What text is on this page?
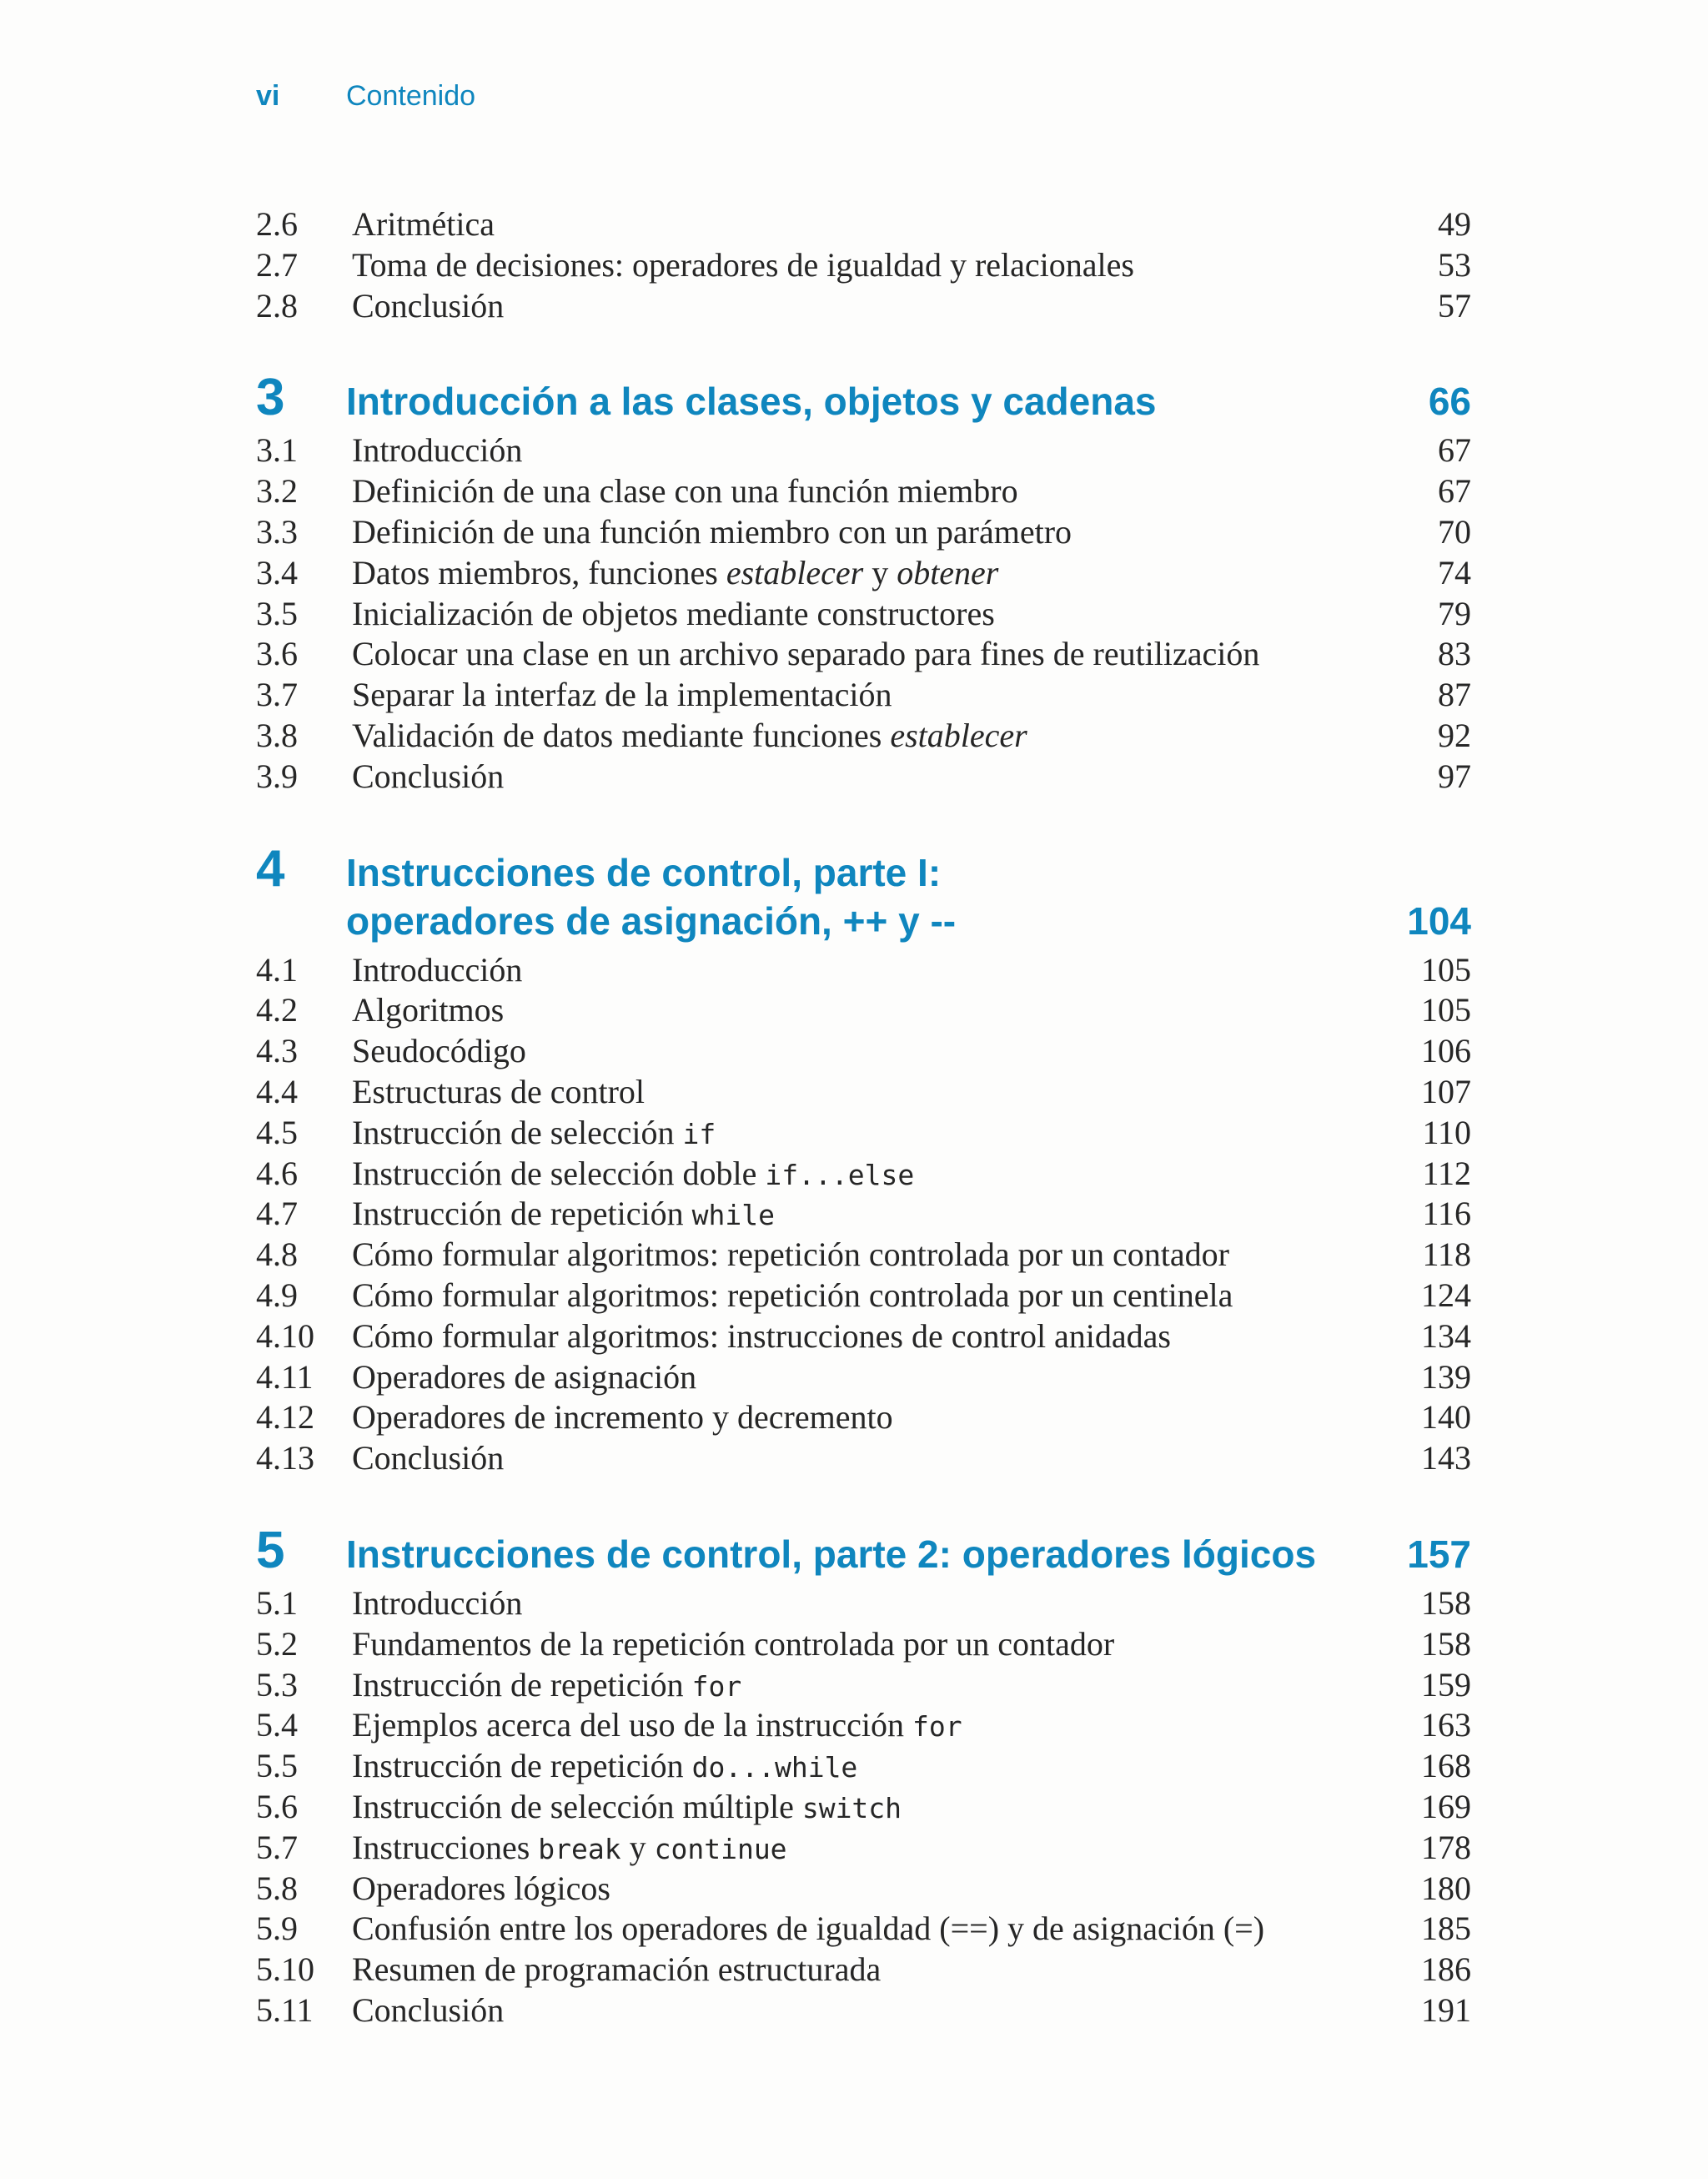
vi Contenido
2.6	Aritmética	49
2.7	Toma de decisiones: operadores de igualdad y relacionales	53
2.8	Conclusión	57
3	Introducción a las clases, objetos y cadenas	66
3.1	Introducción	67
3.2	Definición de una clase con una función miembro	67
3.3	Definición de una función miembro con un parámetro	70
3.4	Datos miembros, funciones establecer y obtener	74
3.5	Inicialización de objetos mediante constructores	79
3.6	Colocar una clase en un archivo separado para fines de reutilización	83
3.7	Separar la interfaz de la implementación	87
3.8	Validación de datos mediante funciones establecer	92
3.9	Conclusión	97
4	Instrucciones de control, parte I:
operadores de asignación, ++ y --	104
4.1	Introducción	105
4.2	Algoritmos	105
4.3	Seudocódigo	106
4.4	Estructuras de control	107
4.5	Instrucción de selección if	110
4.6	Instrucción de selección doble if...else	112
4.7	Instrucción de repetición while	116
4.8	Cómo formular algoritmos: repetición controlada por un contador	118
4.9	Cómo formular algoritmos: repetición controlada por un centinela	124
4.10	Cómo formular algoritmos: instrucciones de control anidadas	134
4.11	Operadores de asignación	139
4.12	Operadores de incremento y decremento	140
4.13	Conclusión	143
5	Instrucciones de control, parte 2: operadores lógicos	157
5.1	Introducción	158
5.2	Fundamentos de la repetición controlada por un contador	158
5.3	Instrucción de repetición for	159
5.4	Ejemplos acerca del uso de la instrucción for	163
5.5	Instrucción de repetición do...while	168
5.6	Instrucción de selección múltiple switch	169
5.7	Instrucciones break y continue	178
5.8	Operadores lógicos	180
5.9	Confusión entre los operadores de igualdad (==) y de asignación (=)	185
5.10	Resumen de programación estructurada	186
5.11	Conclusión	191
